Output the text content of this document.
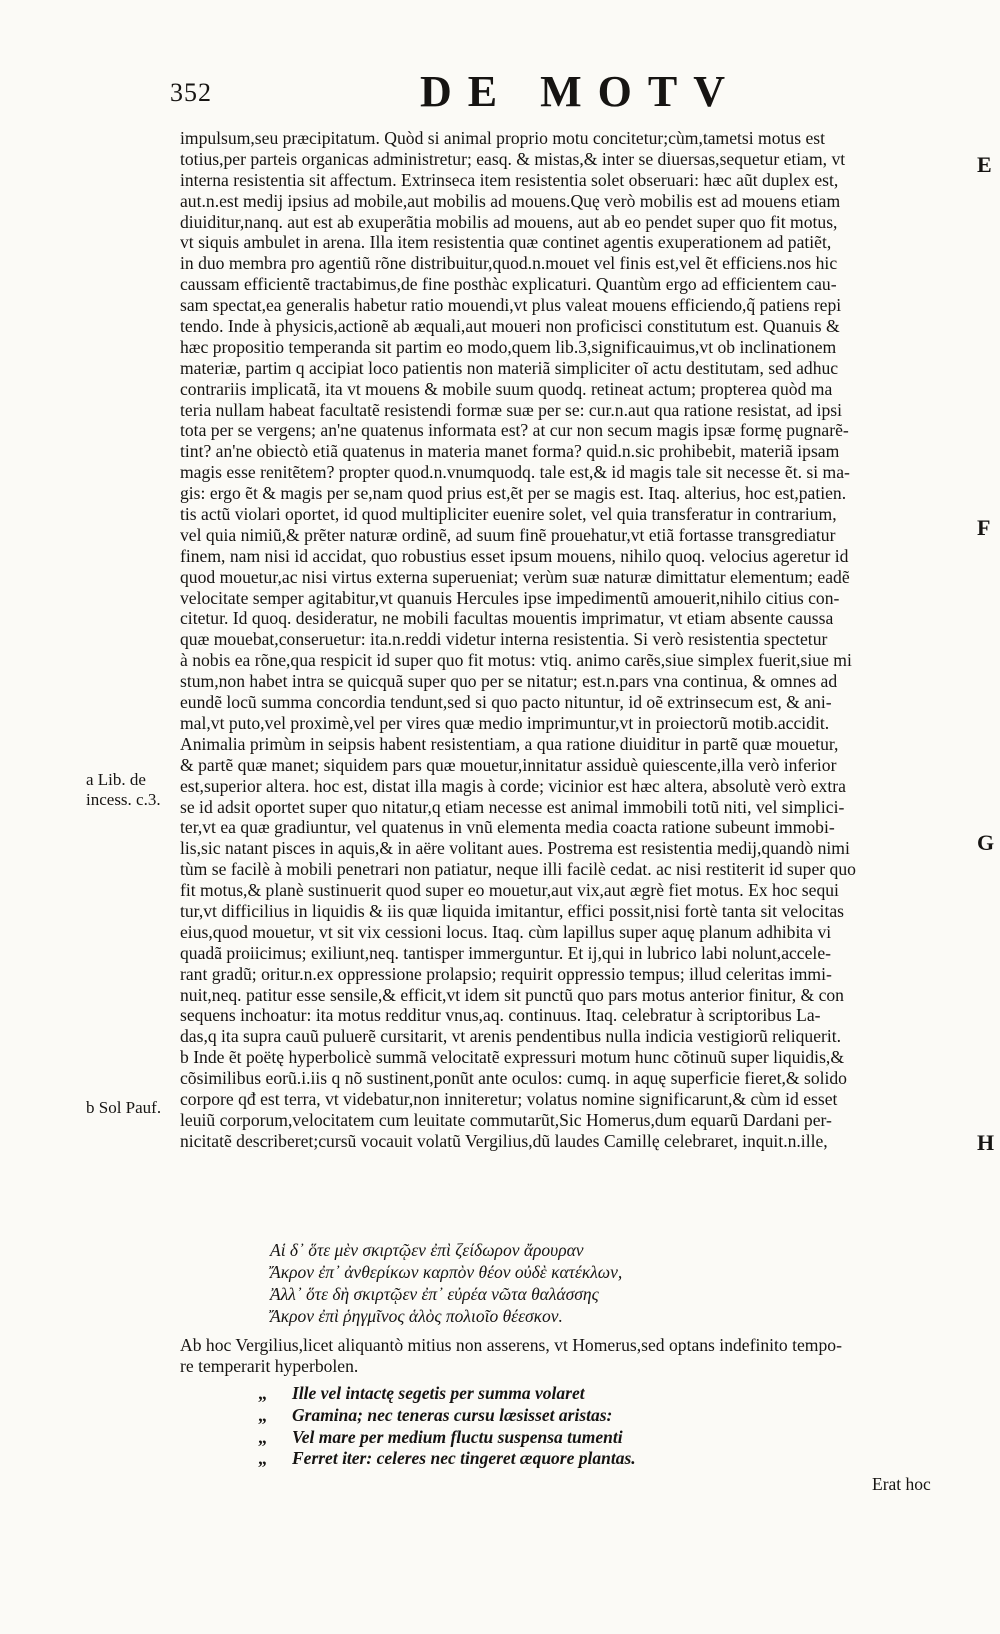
352	DE MOTV
impulsum,seu præcipitatum. Quòd si animal proprio motu concitetur;cùm,tametsi motus est
totius,per parteis organicas administretur; easq. & mistas,& inter se diuersas,sequetur etiam, vt
interna resistentia sit affectum. Extrinseca item resistentia solet obseruari: hæc aũt duplex est,
aut.n.est medij ipsius ad mobile,aut mobilis ad mouens.Quę verò mobilis est ad mouens etiam
diuiditur,nanq. aut est ab exuperãtia mobilis ad mouens, aut ab eo pendet super quo fit motus,
vt siquis ambulet in arena. Illa item resistentia quæ continet agentis exuperationem ad patiẽt,
in duo membra pro agentiũ rõne distribuitur,quod.n.mouet vel finis est,vel ẽt efficiens.nos hic
caussam efficientẽ tractabimus,de fine posthàc explicaturi. Quantùm ergo ad efficientem cau-
sam spectat,ea generalis habetur ratio mouendi,vt plus valeat mouens efficiendo,q̃ patiens repi
tendo. Inde à physicis,actionẽ ab æquali,aut moueri non proficisci constitutum est. Quanuis &
hæc propositio temperanda sit partim eo modo,quem lib.3,significauimus,vt ob inclinationem
materiæ, partim q accipiat loco patientis non materiã simpliciter oĩ actu destitutam, sed adhuc
contrariis implicatã, ita vt mouens & mobile suum quodq. retineat actum; propterea quòd ma
teria nullam habeat facultatẽ resistendi formæ suæ per se: cur.n.aut qua ratione resistat, ad ipsi
tota per se vergens; an'ne quatenus informata est? at cur non secum magis ipsæ formę pugnarẽ-
tint? an'ne obiectò etiã quatenus in materia manet forma? quid.n.sic prohibebit, materiã ipsam
magis esse renitẽtem? propter quod.n.vnumquodq. tale est,& id magis tale sit necesse ẽt. si ma-
gis: ergo ẽt & magis per se,nam quod prius est,ẽt per se magis est. Itaq. alterius, hoc est,patien.
tis actũ violari oportet, id quod multipliciter euenire solet, vel quia transferatur in contrarium,
vel quia nimiũ,& prẽter naturæ ordinẽ, ad suum finẽ prouehatur,vt etiã fortasse transgrediatur
finem, nam nisi id accidat, quo robustius esset ipsum mouens, nihilo quoq. velocius ageretur id
quod mouetur,ac nisi virtus externa superueniat; verùm suæ naturæ dimittatur elementum; eadẽ
velocitate semper agitabitur,vt quanuis Hercules ipse impedimentũ amouerit,nihilo citius con-
citetur. Id quoq. desideratur, ne mobili facultas mouentis imprimatur, vt etiam absente caussa
quæ mouebat,conseruetur: ita.n.reddi videtur interna resistentia. Si verò resistentia spectetur
à nobis ea rõne,qua respicit id super quo fit motus: vtiq. animo carẽs,siue simplex fuerit,siue mi
stum,non habet intra se quicquã super quo per se nitatur; est.n.pars vna continua, & omnes ad
eundẽ locũ summa concordia tendunt,sed si quo pacto nituntur, id oẽ extrinsecum est, & ani-
mal,vt puto,vel proximè,vel per vires quæ medio imprimuntur,vt in proiectorũ motib.accidit.
Animalia primùm in seipsis habent resistentiam, a qua ratione diuiditur in partẽ quæ mouetur,
& partẽ quæ manet; siquidem pars quæ mouetur,innitatur assiduè quiescente,illa verò inferior
est,superior altera. hoc est, distat illa magis à corde; vicinior est hæc altera, absolutè verò extra
se id adsit oportet super quo nitatur,q etiam necesse est animal immobili totũ niti, vel simplici-
ter,vt ea quæ gradiuntur, vel quatenus in vnũ elementa media coacta ratione subeunt immobi-
lis,sic natant pisces in aquis,& in aëre volitant aues. Postrema est resistentia medij,quandò nimi
tùm se facilè à mobili penetrari non patiatur, neque illi facilè cedat. ac nisi restiterit id super quo
fit motus,& planè sustinuerit quod super eo mouetur,aut vix,aut ægrè fiet motus. Ex hoc sequi
tur,vt difficilius in liquidis & iis quæ liquida imitantur, effici possit,nisi fortè tanta sit velocitas
eius,quod mouetur, vt sit vix cessioni locus. Itaq. cùm lapillus super aquę planum adhibita vi
quadã proiicimus; exiliunt,neq. tantisper immerguntur. Et ij,qui in lubrico labi nolunt,accele-
rant gradũ; oritur.n.ex oppressione prolapsio; requirit oppressio tempus; illud celeritas immi-
nuit,neq. patitur esse sensile,& efficit,vt idem sit punctũ quo pars motus anterior finitur, & con
sequens inchoatur: ita motus redditur vnus,aq. continuus. Itaq. celebratur à scriptoribus La-
das,q ita supra cauũ puluerẽ cursitarit, vt arenis pendentibus nulla indicia vestigiorũ reliquerit.
b Inde ẽt poëtę hyperbolicè summã velocitatẽ expressuri motum hunc cõtinuũ super liquidis,&
cõsimilibus eorũ.i.iis q nõ sustinent,ponũt ante oculos: cumq. in aquę superficie fieret,& solido
corpore qđ est terra, vt videbatur,non inniteretur; volatus nomine significarunt,& cùm id esset
leuiũ corporum,velocitatem cum leuitate commutarũt,Sic Homerus,dum equarũ Dardani per-
nicitatẽ describeret;cursũ vocauit volatũ Vergilius,dũ laudes Camillę celebraret, inquit.n.ille,
Αἱ δ᾽ ὅτε μὲν σκιρτῷεν ἐπὶ ζείδωρον ἄρουραν
Ἄκρον ἐπ᾽ ἀνθερίκων καρπὸν θέον οὐδὲ κατέκλων,
Ἀλλ᾽ ὅτε δὴ σκιρτῷεν ἐπ᾽ εὐρέα νῶτα θαλάσσης
Ἄκρον ἐπὶ ῥηγμῖνος ἁλὸς πολιοῖο θέεσκον.
Ab hoc Vergilius,licet aliquantò mitius non asserens, vt Homerus,sed optans indefinito tempo-
re temperarit hyperbolen.
„ Ille vel intactę segetis per summa volaret
„ Gramina; nec teneras cursu læsisset aristas:
„ Vel mare per medium fluctu suspensa tumenti
„ Ferret iter: celeres nec tingeret æquore plantas.
Erat hoc
E
F
G
H
a Lib. de
incess. c.3.
b Sol Pauf.
